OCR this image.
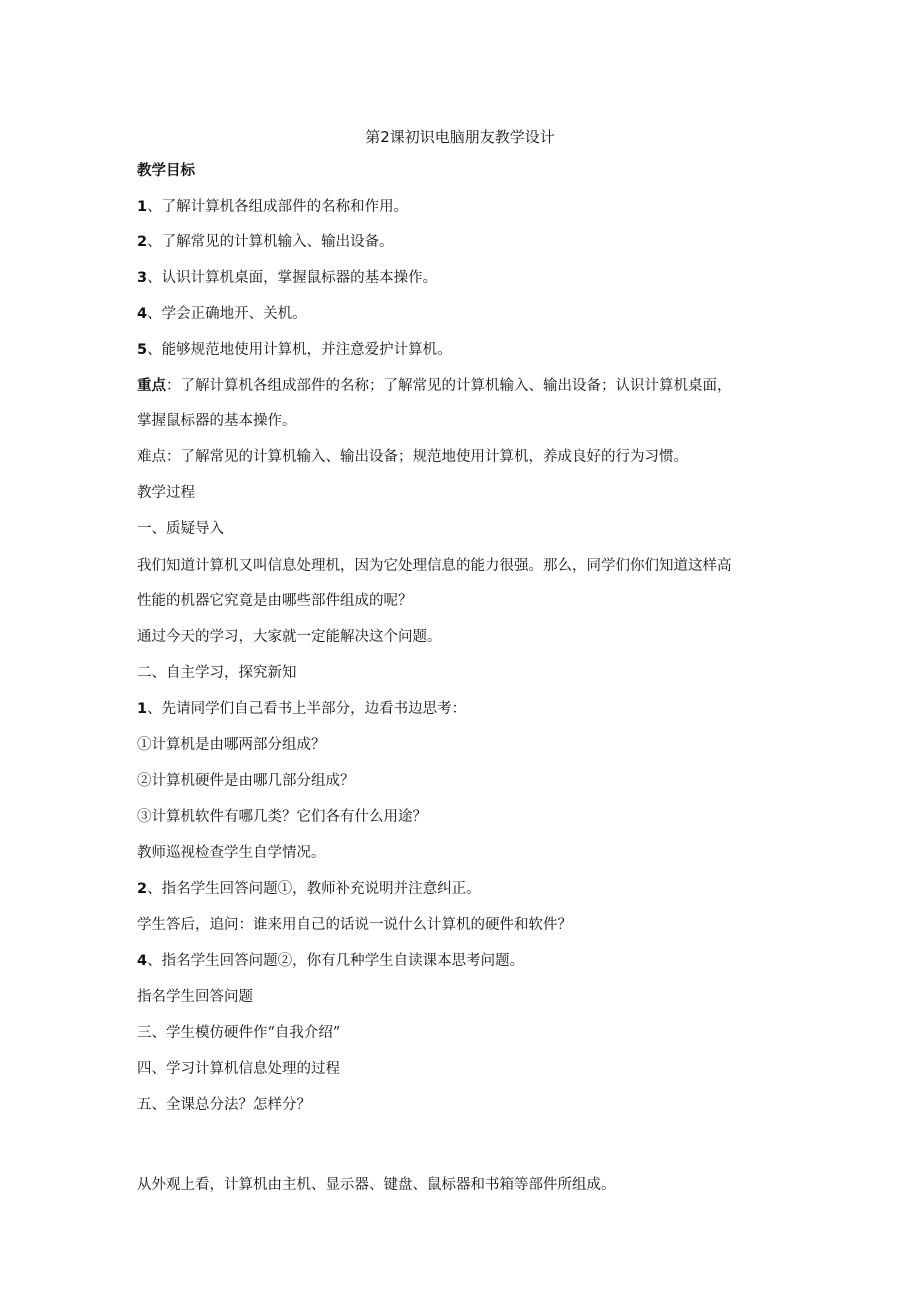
第2课初识电脑朋友教学设计
教学目标
1、了解计算机各组成部件的名称和作用。
2、了解常见的计算机输入、输出设备。
3、认识计算机桌面，掌握鼠标器的基本操作。
4、学会正确地开、关机。
5、能够规范地使用计算机，并注意爱护计算机。
重点：了解计算机各组成部件的名称；了解常见的计算机输入、输出设备；认识计算机桌面，
掌握鼠标器的基本操作。
难点：了解常见的计算机输入、输出设备；规范地使用计算机，养成良好的行为习惯。
教学过程
一、质疑导入
我们知道计算机又叫信息处理机，因为它处理信息的能力很强。那么，同学们你们知道这样高
性能的机器它究竟是由哪些部件组成的呢？
通过今天的学习，大家就一定能解决这个问题。
二、自主学习，探究新知
1、先请同学们自己看书上半部分，边看书边思考：
①计算机是由哪两部分组成？
②计算机硬件是由哪几部分组成？
③计算机软件有哪几类？它们各有什么用途？
教师巡视检查学生自学情况。
2、指名学生回答问题①，教师补充说明并注意纠正。
学生答后，追问：谁来用自己的话说一说什么计算机的硬件和软件？
4、指名学生回答问题②，你有几种学生自读课本思考问题。
指名学生回答问题
三、学生模仿硬件作“自我介绍”
四、学习计算机信息处理的过程
五、全课总分法？怎样分？
从外观上看，计算机由主机、显示器、键盘、鼠标器和书箱等部件所组成。
